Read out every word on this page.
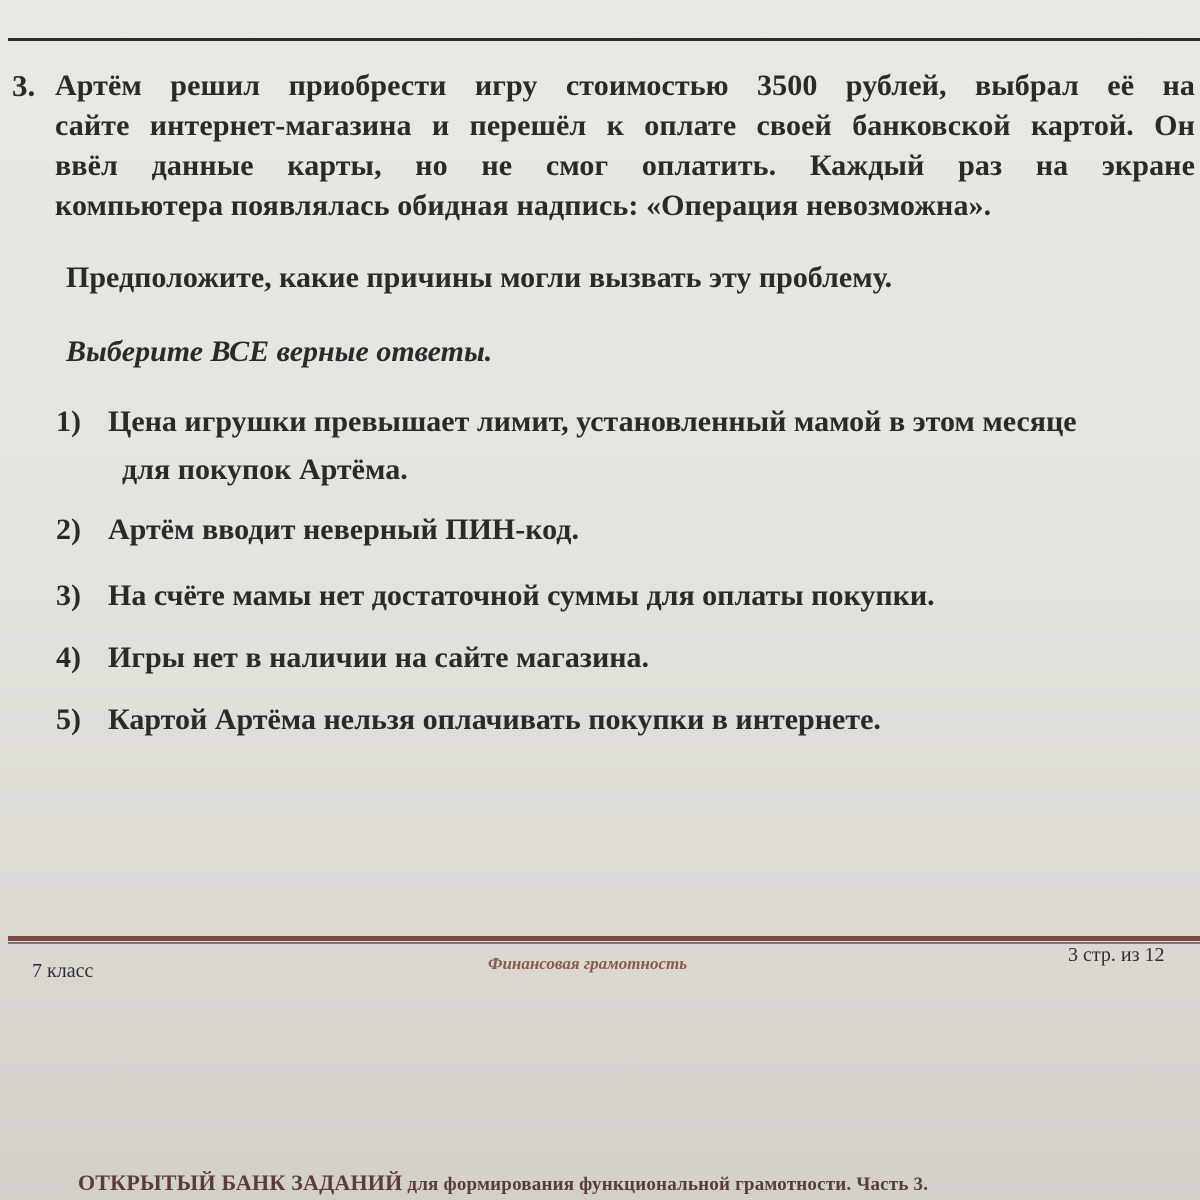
3. Артём решил приобрести игру стоимостью 3500 рублей, выбрал её на
сайте интернет-магазина и перешёл к оплате своей банковской картой. Он
ввёл данные карты, но не смог оплатить. Каждый раз на экране
компьютера появлялась обидная надпись: «Операция невозможна».
Предположите, какие причины могли вызвать эту проблему.
Выберите ВСЕ верные ответы.
1) Цена игрушки превышает лимит, установленный мамой в этом месяце
для покупок Артёма.
2) Артём вводит неверный ПИН-код.
3) На счёте мамы нет достаточной суммы для оплаты покупки.
4) Игры нет в наличии на сайте магазина.
5) Картой Артёма нельзя оплачивать покупки в интернете.
7 класс	Финансовая грамотность	3 стр. из 12
ОТКРЫТЫЙ БАНК ЗАДАНИЙ для формирования функциональной грамотности. Часть 3.
